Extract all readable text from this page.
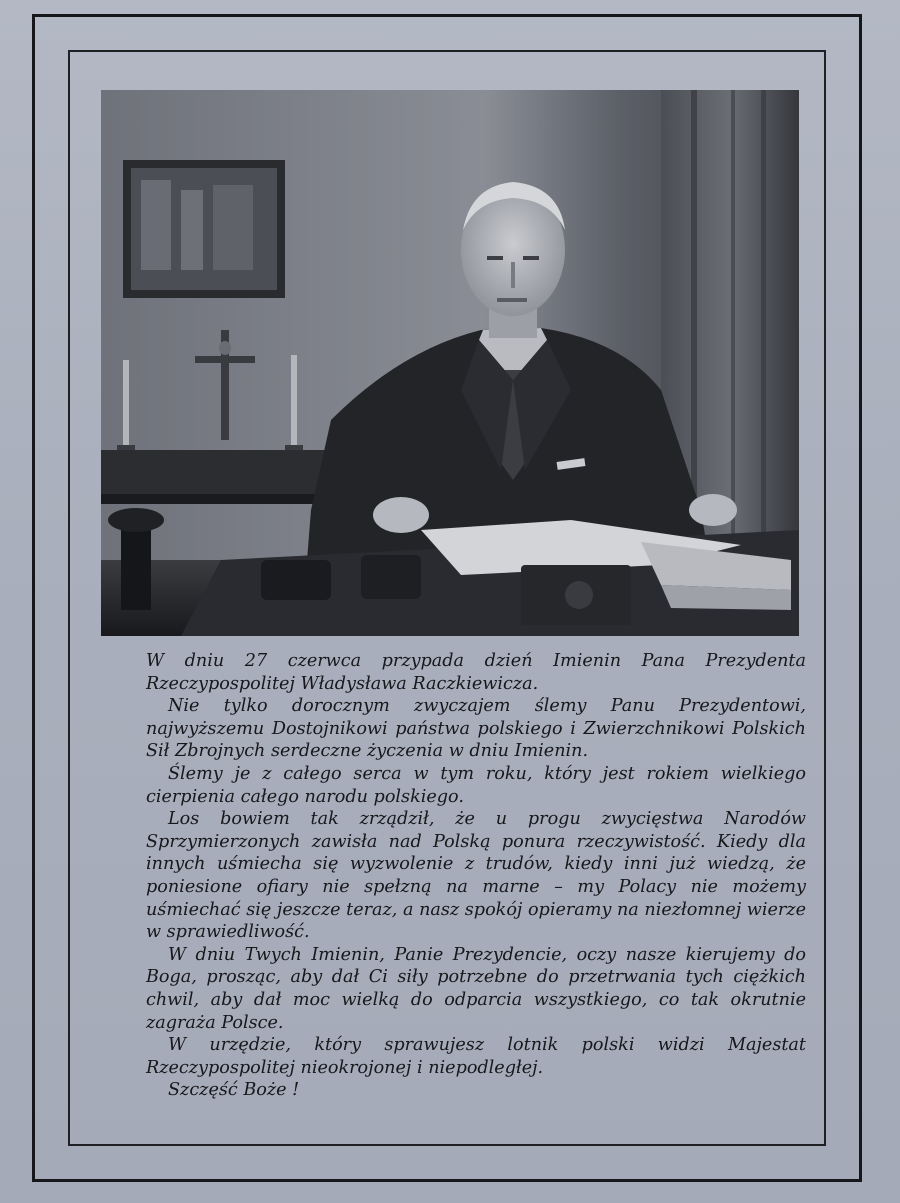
W dniu 27 czerwca przypada dzień Imienin Pana Prezydenta Rzeczypospolitej Władysława Raczkiewicza.

Nie tylko dorocznym zwyczajem ślemy Panu Prezydentowi, najwyższemu Dostojnikowi państwa polskiego i Zwierzchnikowi Polskich Sił Zbrojnych serdeczne życzenia w dniu Imienin.

Ślemy je z całego serca w tym roku, który jest rokiem wielkiego cierpienia całego narodu polskiego.

Los bowiem tak zrządził, że u progu zwycięstwa Narodów Sprzymierzonych zawisła nad Polską ponura rzeczywistość. Kiedy dla innych uśmiecha się wyzwolenie z trudów, kiedy inni już wiedzą, że poniesione ofiary nie spełzną na marne – my Polacy nie możemy uśmiechać się jeszcze teraz, a nasz spokój opieramy na niezłomnej wierze w sprawiedliwość.

W dniu Twych Imienin, Panie Prezydencie, oczy nasze kierujemy do Boga, prosząc, aby dał Ci siły potrzebne do przetrwania tych ciężkich chwil, aby dał moc wielką do odparcia wszystkiego, co tak okrutnie zagraża Polsce.

W urzędzie, który sprawujesz lotnik polski widzi Majestat Rzeczypospolitej nieokrojonej i niepodległej.

Szczęść Boże !
